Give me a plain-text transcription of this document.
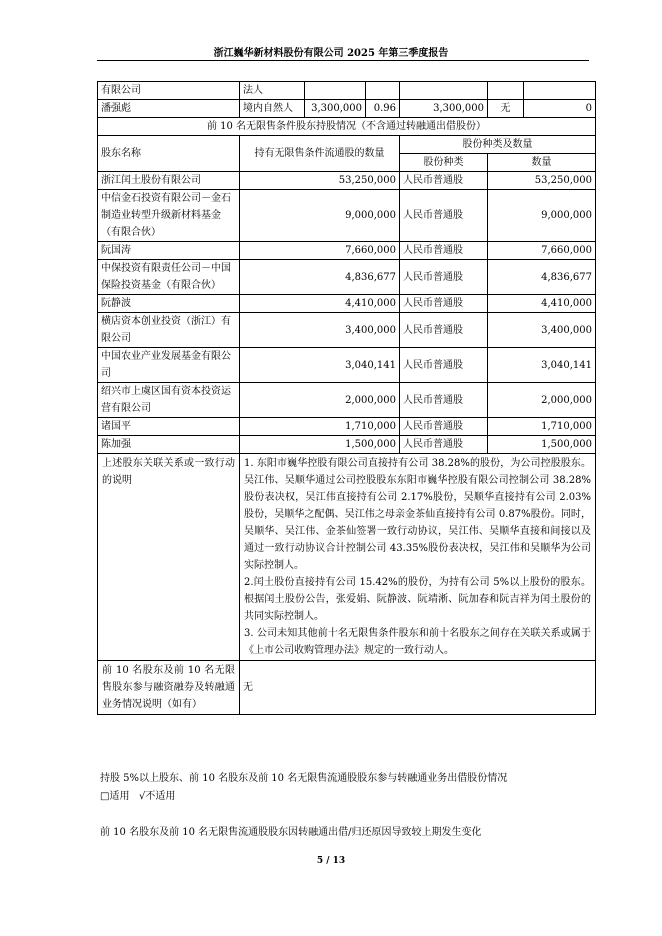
浙江巍华新材料股份有限公司 2025 年第三季度报告
有限公司	法人					
潘强彪	境内自然人	3,300,000	0.96	3,300,000	无	0
前 10 名无限售条件股东持股情况（不含通过转融通出借股份）						
股东名称	持有无限售条件流通股的数量			股份种类及数量		
				股份种类	数量	
浙江闰土股份有限公司	53,250,000			人民币普通股	53,250,000	
中信金石投资有限公司－金石制造业转型升级新材料基金（有限合伙）	9,000,000			人民币普通股	9,000,000	
阮国涛	7,660,000			人民币普通股	7,660,000	
中保投资有限责任公司－中国保险投资基金（有限合伙）	4,836,677			人民币普通股	4,836,677	
阮静波	4,410,000			人民币普通股	4,410,000	
横店资本创业投资（浙江）有限公司	3,400,000			人民币普通股	3,400,000	
中国农业产业发展基金有限公司	3,040,141			人民币普通股	3,040,141	
绍兴市上虞区国有资本投资运营有限公司	2,000,000			人民币普通股	2,000,000	
诸国平	1,710,000			人民币普通股	1,710,000	
陈加强	1,500,000			人民币普通股	1,500,000	
上述股东关联关系或一致行动的说明	1. 东阳市巍华控股有限公司直接持有公司 38.28%的股份，为公司控股股东。吴江伟、吴顺华通过公司控股股东东阳市巍华控股有限公司控制公司 38.28%股份表决权，吴江伟直接持有公司 2.17%股份，吴顺华直接持有公司 2.03%股份，吴顺华之配偶、吴江伟之母亲金茶仙直接持有公司 0.87%股份。同时，吴顺华、吴江伟、金茶仙签署一致行动协议，吴江伟、吴顺华直接和间接以及通过一致行动协议合计控制公司 43.35%股份表决权，吴江伟和吴顺华为公司实际控制人。

2.闰土股份直接持有公司 15.42%的股份，为持有公司 5%以上股份的股东。根据闰土股份公告，张爱娟、阮静波、阮靖淅、阮加春和阮吉祥为闰土股份的共同实际控制人。

3. 公司未知其他前十名无限售条件股东和前十名股东之间存在关联关系或属于《上市公司收购管理办法》规定的一致行动人。					

前 10 名股东及前 10 名无限售股东参与融资融券及转融通业务情况说明（如有）	无					
持股 5%以上股东、前 10 名股东及前 10 名无限售流通股股东参与转融通业务出借股份情况
□适用 √不适用
前 10 名股东及前 10 名无限售流通股股东因转融通出借/归还原因导致较上期发生变化
5 / 13
